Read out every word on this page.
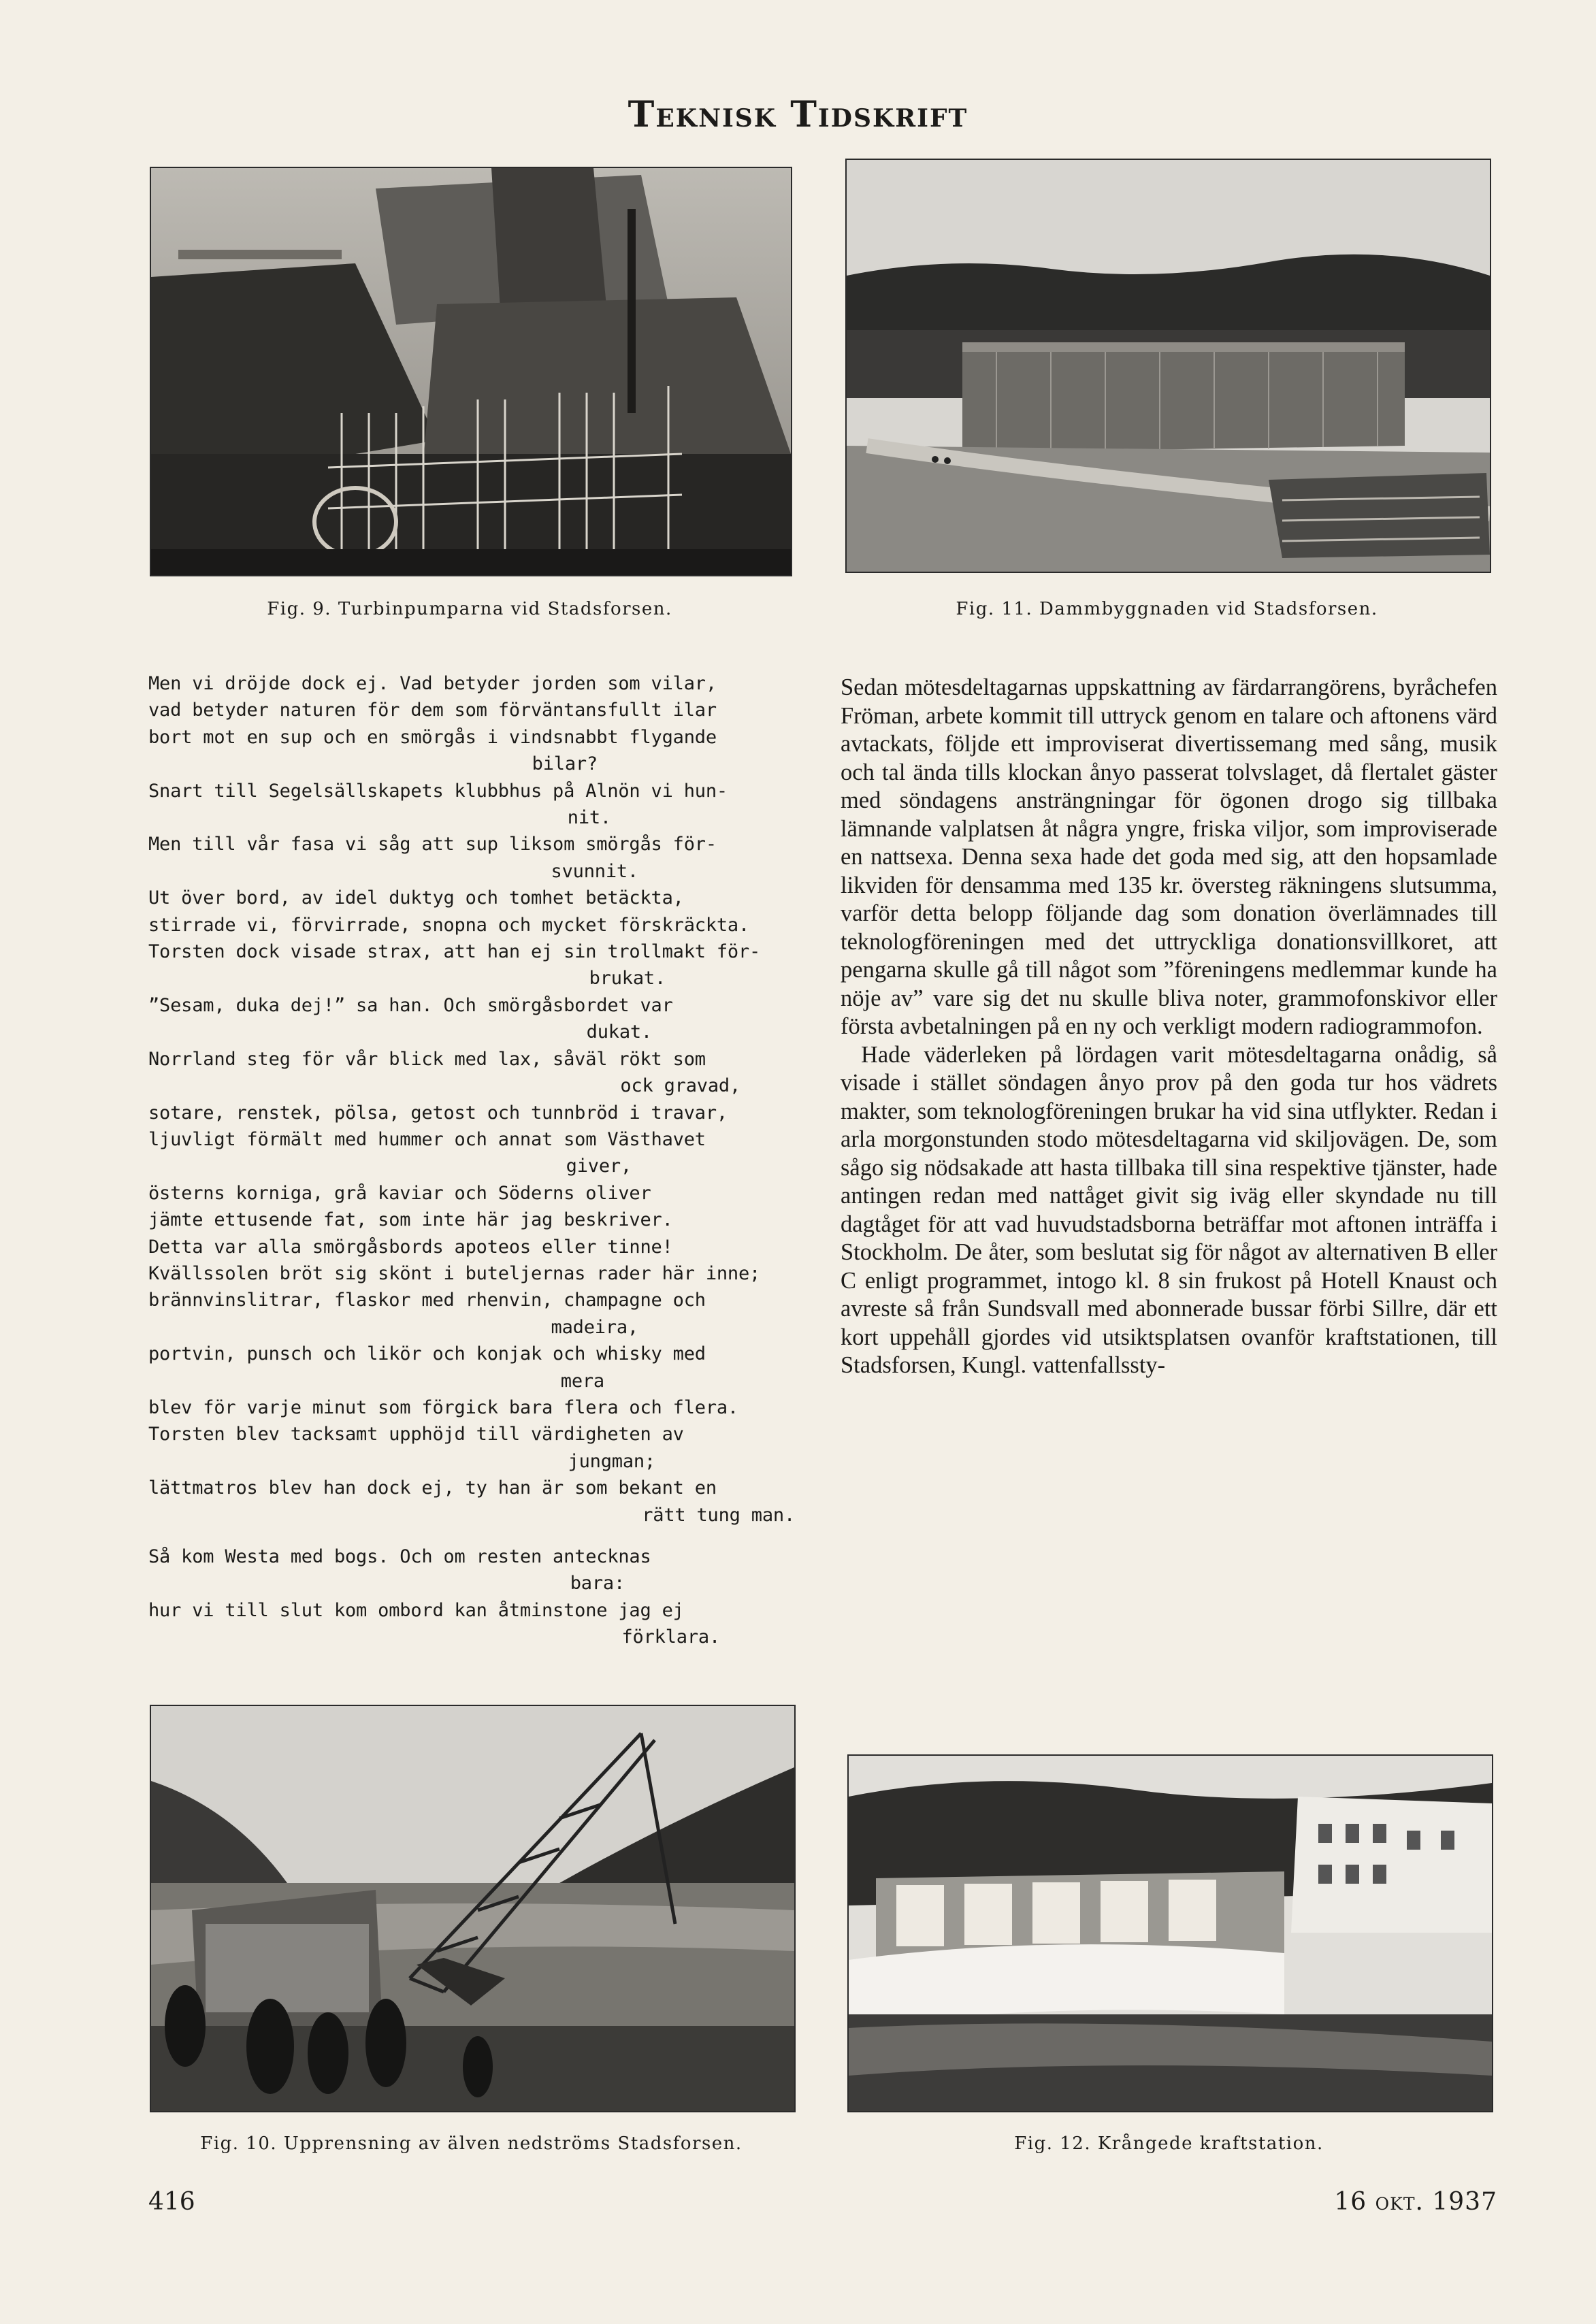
Teknisk Tidskrift
Fig. 9. Turbinpumparna vid Stadsforsen.	Fig. 11. Dammbyggnaden vid Stadsforsen.
Men vi dröjde dock ej. Vad betyder jorden som vilar,
vad betyder naturen för dem som förväntansfullt ilar
bort mot en sup och en smörgås i vindsnabbt flygande
bilar?
Snart till Segelsällskapets klubbhus på Alnön vi hun-
nit.
Men till vår fasa vi såg att sup liksom smörgås för-
svunnit.
Ut över bord, av idel duktyg och tomhet betäckta,
stirrade vi, förvirrade, snopna och mycket förskräckta.
Torsten dock visade strax, att han ej sin trollmakt för-
brukat.
”Sesam, duka dej!” sa han. Och smörgåsbordet var
dukat.
Norrland steg för vår blick med lax, såväl rökt som
ock gravad,
sotare, renstek, pölsa, getost och tunnbröd i travar,
ljuvligt förmält med hummer och annat som Västhavet
giver,
österns korniga, grå kaviar och Söderns oliver
jämte ettusende fat, som inte här jag beskriver.
Detta var alla smörgåsbords apoteos eller tinne!
Kvällssolen bröt sig skönt i buteljernas rader här inne;
brännvinslitrar, flaskor med rhenvin, champagne och
madeira,
portvin, punsch och likör och konjak och whisky med
mera
blev för varje minut som förgick bara flera och flera.
Torsten blev tacksamt upphöjd till värdigheten av
jungman;
lättmatros blev han dock ej, ty han är som bekant en
rätt tung man.
Så kom Westa med bogs. Och om resten antecknas
bara:
hur vi till slut kom ombord kan åtminstone jag ej
förklara.

Sedan mötesdeltagarnas uppskattning av färdarrangörens, byråchefen Fröman, arbete kommit till uttryck genom en talare och aftonens värd avtackats, följde ett improviserat divertissemang med sång, musik och tal ända tills klockan ånyo passerat tolvslaget, då flertalet gäster med söndagens ansträngningar för ögonen drogo sig tillbaka lämnande valplatsen åt några yngre, friska viljor, som improviserade en nattsexa. Denna sexa hade det goda med sig, att den hopsamlade likviden för densamma med 135 kr. översteg räkningens slutsumma, varför detta belopp följande dag som donation överlämnades till teknologföreningen med det uttryckliga donationsvillkoret, att pengarna skulle gå till något som ”föreningens medlemmar kunde ha nöje av” vare sig det nu skulle bliva noter, grammofonskivor eller första avbetalningen på en ny och verkligt modern radiogrammofon.

Hade väderleken på lördagen varit mötesdeltagarna onådig, så visade i stället söndagen ånyo prov på den goda tur hos vädrets makter, som teknologföreningen brukar ha vid sina utflykter. Redan i arla morgonstunden stodo mötesdeltagarna vid skiljovägen. De, som sågo sig nödsakade att hasta tillbaka till sina respektive tjänster, hade antingen redan med nattåget givit sig iväg eller skyndade nu till dagtåget för att vad huvudstadsborna beträffar mot aftonen inträffa i Stockholm. De åter, som beslutat sig för något av alternativen B eller C enligt programmet, intogo kl. 8 sin frukost på Hotell Knaust och avreste så från Sundsvall med abonnerade bussar förbi Sillre, där ett kort uppehåll gjordes vid utsiktsplatsen ovanför kraftstationen, till Stadsforsen, Kungl. vattenfallssty-

Fig. 10. Upprensning av älven nedströms Stadsforsen.	Fig. 12. Krångede kraftstation.
416	16 okt. 1937
